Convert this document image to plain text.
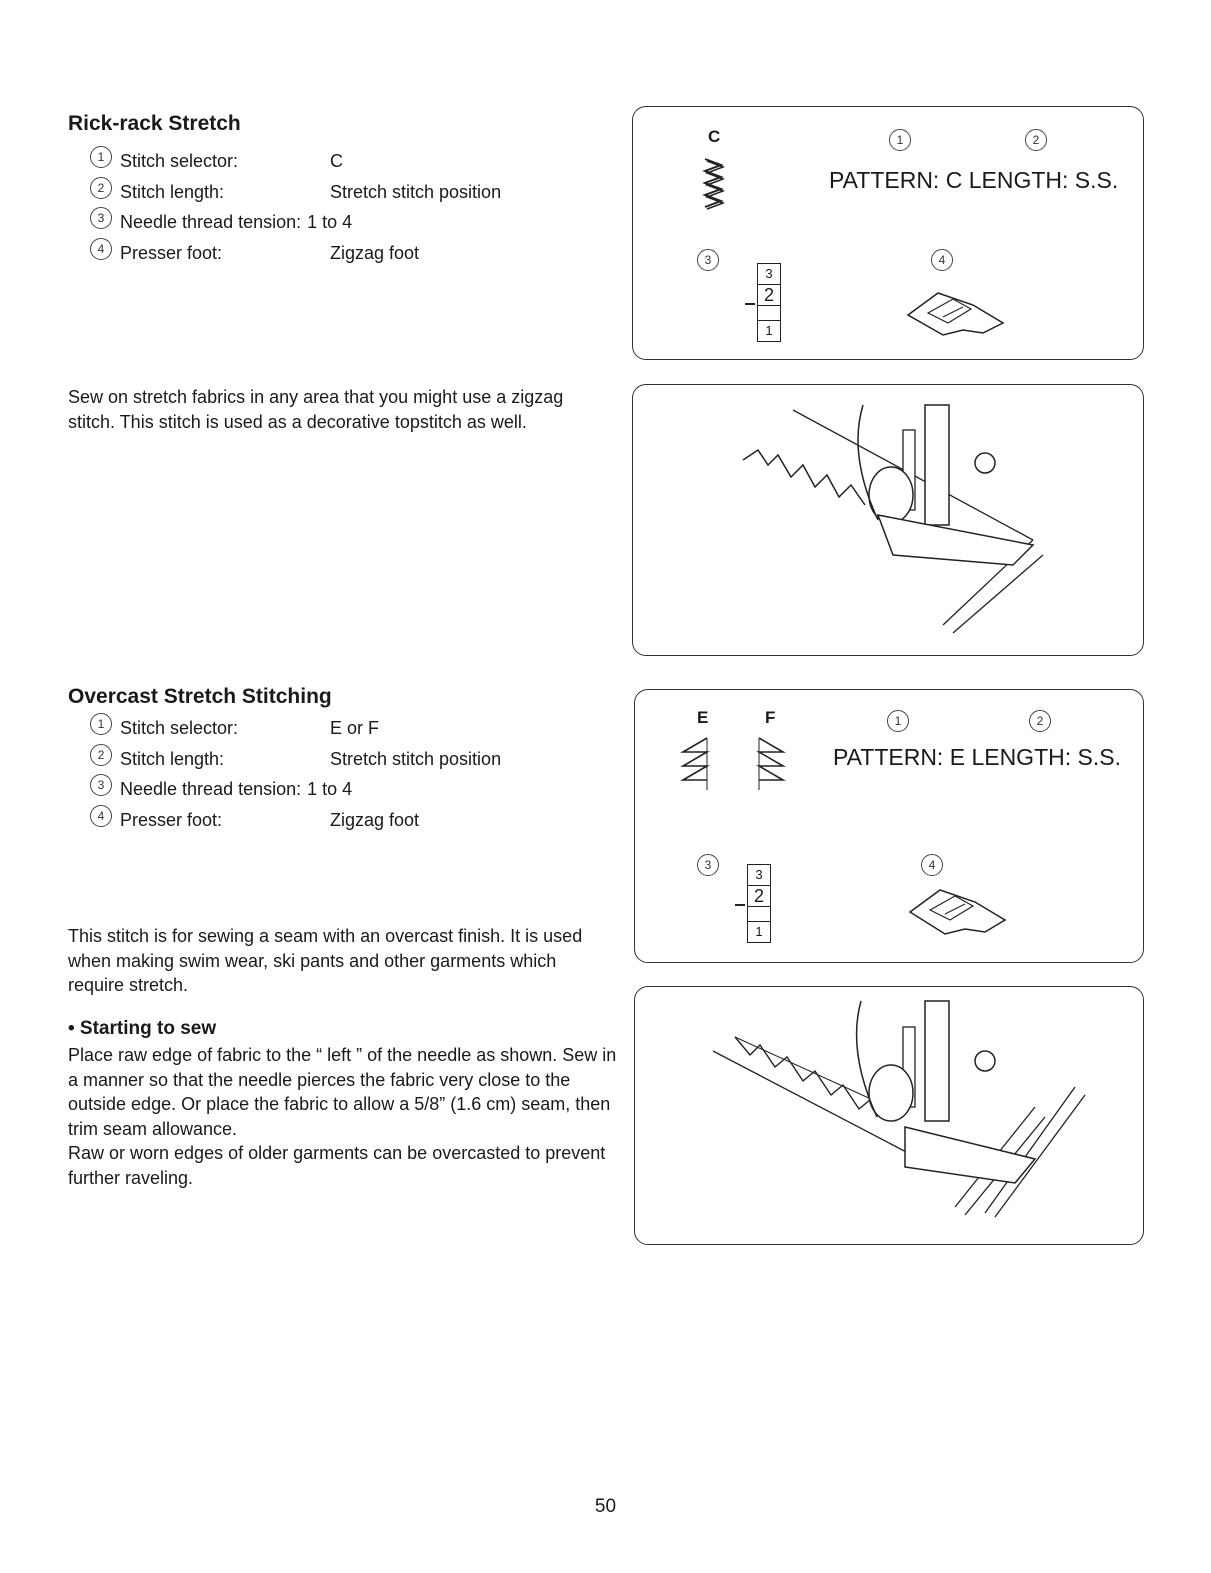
Rick-rack Stretch
1 Stitch selector:	C
2 Stitch length:	Stretch stitch position
3 Needle thread tension: 1 to 4
4 Presser foot:	Zigzag foot

Sew on stretch fabrics in any area that you might use a zigzag stitch. This stitch is used as a decorative topstitch as well.

C	1	2
PATTERN: C LENGTH: S.S.
3	4
3
2
1
Overcast Stretch Stitching
1 Stitch selector:	E or F
2 Stitch length:	Stretch stitch position
3 Needle thread tension: 1 to 4
4 Presser foot:	Zigzag foot

This stitch is for sewing a seam with an overcast finish. It is used when making swim wear, ski pants and other garments which require stretch.

• Starting to sew

Place raw edge of fabric to the “ left ” of the needle as shown. Sew in a manner so that the needle pierces the fabric very close to the outside edge. Or place the fabric to allow a 5/8” (1.6 cm) seam, then trim seam allowance.

Raw or worn edges of older garments can be overcasted to prevent further raveling.

E	F	1	2
PATTERN: E LENGTH: S.S.
3	4
3
2
1
50
